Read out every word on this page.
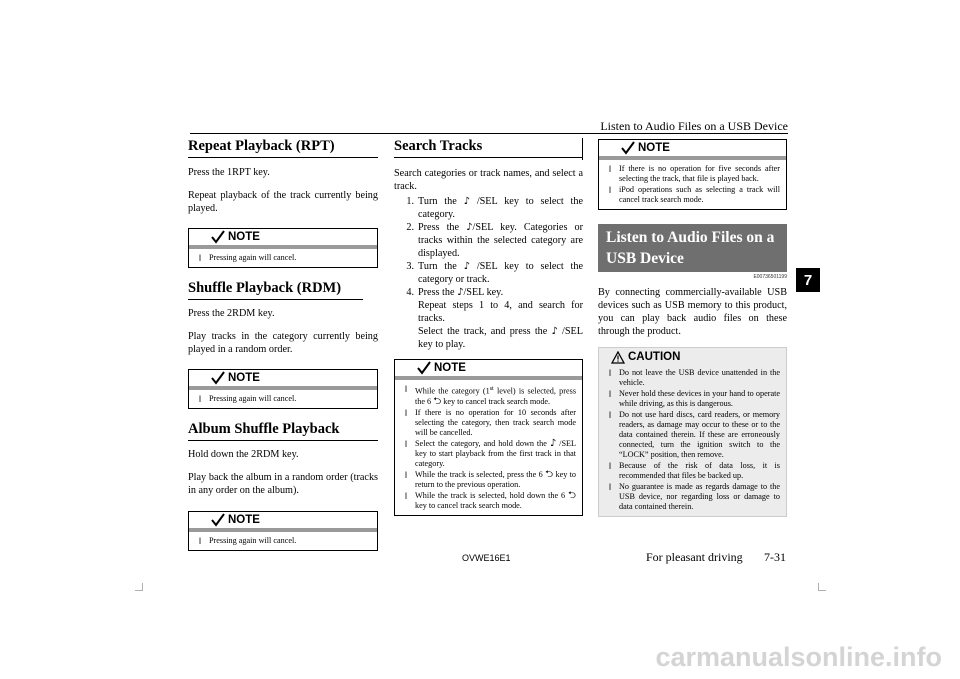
Listen to Audio Files on a USB Device
7
Repeat Playback (RPT)
Press the 1RPT key.
Repeat playback of the track currently being played.
NOTE
l Pressing again will cancel.
Shuffle Playback (RDM)
Press the 2RDM key.
Play tracks in the category currently being played in a random order.
NOTE
l Pressing again will cancel.
Album Shuffle Playback
Hold down the 2RDM key.
Play back the album in a random order (tracks in any order on the album).
NOTE
l Pressing again will cancel.
Search Tracks
Search categories or track names, and select a track.
1. Turn the ♪ /SEL key to select the category.
2. Press the ♪/SEL key. Categories or tracks within the selected category are displayed.
3. Turn the ♪ /SEL key to select the category or track.
4. Press the ♪/SEL key.
Repeat steps 1 to 4, and search for tracks.
Select the track, and press the ♪ /SEL key to play.
NOTE
l While the category (1st level) is selected, press the 6 ⮌ key to cancel track search mode.
l If there is no operation for 10 seconds after selecting the category, then track search mode will be cancelled.
l Select the category, and hold down the ♪ /SEL key to start playback from the first track in that category.
l While the track is selected, press the 6 ⮌ key to return to the previous operation.
l While the track is selected, hold down the 6 ⮌ key to cancel track search mode.
NOTE
l If there is no operation for five seconds after selecting the track, that file is played back.
l iPod operations such as selecting a track will cancel track search mode.
Listen to Audio Files on a
USB Device
E00736501199
By connecting commercially-available USB devices such as USB memory to this product, you can play back audio files on these through the product.
CAUTION
l Do not leave the USB device unattended in the vehicle.
l Never hold these devices in your hand to operate while driving, as this is dangerous.
l Do not use hard discs, card readers, or memory readers, as damage may occur to these or to the data contained therein. If these are erroneously connected, turn the ignition switch to the “LOCK” position, then remove.
l Because of the risk of data loss, it is recommended that files be backed up.
l No guarantee is made as regards damage to the USB device, nor regarding loss or damage to data contained therein.
OVWE16E1	For pleasant driving 7-31
carmanualsonline.info
